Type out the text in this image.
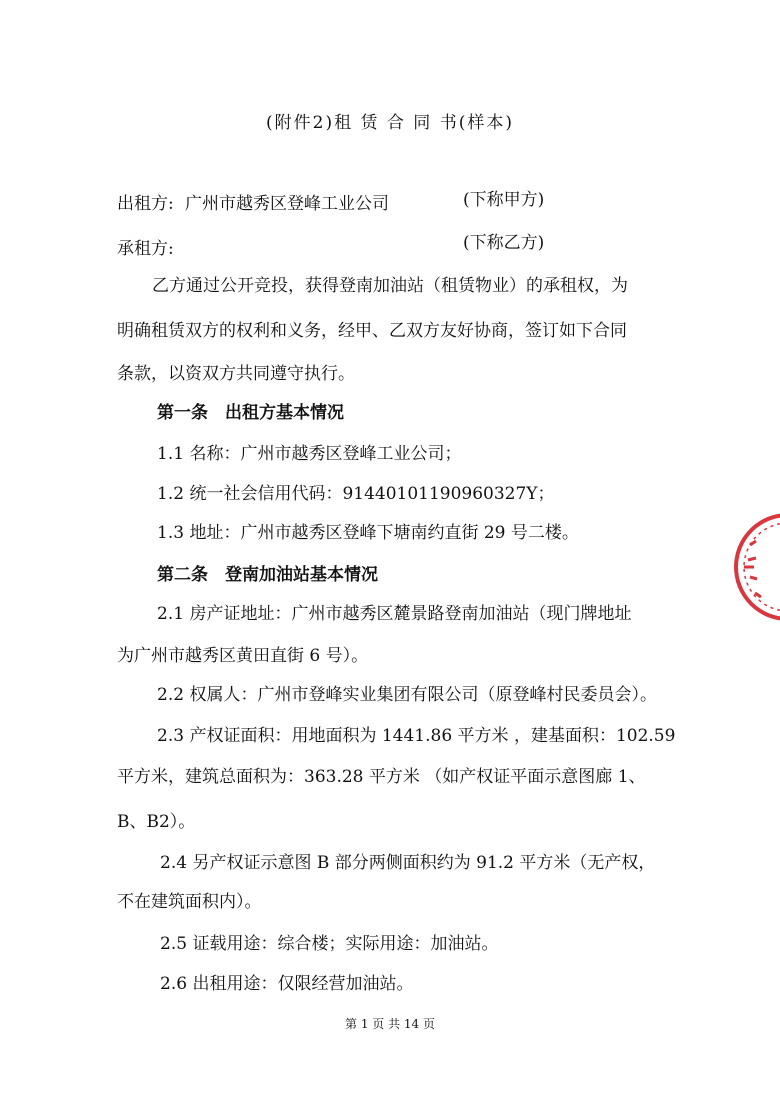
(附件2)租 赁 合 同 书(样本)
出租方: 广州市越秀区登峰工业公司	(下称甲方)
承租方:	(下称乙方)
乙方通过公开竞投，获得登南加油站（租赁物业）的承租权，为
明确租赁双方的权利和义务，经甲、乙双方友好协商，签订如下合同
条款，以资双方共同遵守执行。
第一条　出租方基本情况
1.1 名称：广州市越秀区登峰工业公司；
1.2 统一社会信用代码：91440101190960327Y；
1.3 地址：广州市越秀区登峰下塘南约直街 29 号二楼。
第二条　登南加油站基本情况
2.1 房产证地址：广州市越秀区麓景路登南加油站（现门牌地址
为广州市越秀区黄田直街 6 号）。
2.2 权属人：广州市登峰实业集团有限公司（原登峰村民委员会）。
2.3 产权证面积：用地面积为 1441.86 平方米 ，建基面积：102.59
平方米，建筑总面积为：363.28 平方米 （如产权证平面示意图廊 1、
B、B2）。
2.4 另产权证示意图 B 部分两侧面积约为 91.2 平方米（无产权，
不在建筑面积内）。
2.5 证载用途：综合楼；实际用途：加油站。
2.6 出租用途：仅限经营加油站。
第 1 页 共 14 页
